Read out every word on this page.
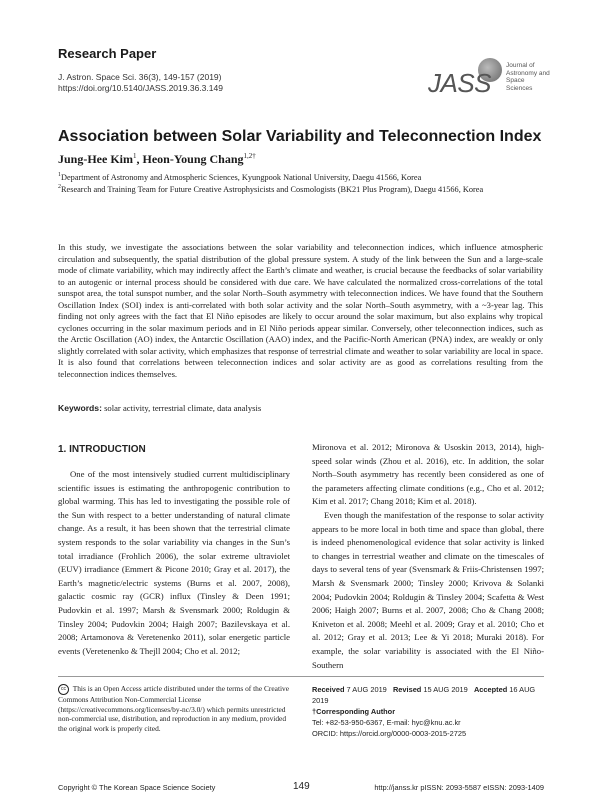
Research Paper
J. Astron. Space Sci. 36(3), 149-157 (2019)
https://doi.org/10.5140/JASS.2019.36.3.149	JASS
Journal of
Astronomy and
Space Sciences
Association between Solar Variability and Teleconnection Index
Jung-Hee Kim$^1$, Heon-Young Chang$^{1,2\dagger}$
$^1$Department of Astronomy and Atmospheric Sciences, Kyungpook National University, Daegu 41566, Korea
$^2$Research and Training Team for Future Creative Astrophysicists and Cosmologists (BK21 Plus Program), Daegu 41566, Korea
In this study, we investigate the associations between the solar variability and teleconnection indices, which influence atmospheric circulation and subsequently, the spatial distribution of the global pressure system. A study of the link between the Sun and a large-scale mode of climate variability, which may indirectly affect the Earth’s climate and weather, is crucial because the feedbacks of solar variability to an autogenic or internal process should be considered with due care. We have calculated the normalized cross-correlations of the total sunspot area, the total sunspot number, and the solar North–South asymmetry with teleconnection indices. We have found that the Southern Oscillation Index (SOI) index is anti-correlated with both solar activity and the solar North–South asymmetry, with a ~3-year lag. This finding not only agrees with the fact that El Niño episodes are likely to occur around the solar maximum, but also explains why tropical cyclones occurring in the solar maximum periods and in El Niño periods appear similar. Conversely, other teleconnection indices, such as the Arctic Oscillation (AO) index, the Antarctic Oscillation (AAO) index, and the Pacific-North American (PNA) index, are weakly or only slightly correlated with solar activity, which emphasizes that response of terrestrial climate and weather to solar variability are local in space. It is also found that correlations between teleconnection indices and solar activity are as good as correlations resulting from the teleconnection indices themselves.
Keywords: solar activity, terrestrial climate, data analysis
1. INTRODUCTION

One of the most intensively studied current multidisciplinary scientific issues is estimating the anthropogenic contribution to global warming. This has led to investigating the possible role of the Sun with respect to a better understanding of natural climate change. As a result, it has been shown that the terrestrial climate system responds to the solar variability via changes in the Sun’s total irradiance (Frohlich 2006), the solar extreme ultraviolet (EUV) irradiance (Emmert & Picone 2010; Gray et al. 2017), the Earth’s magnetic/electric systems (Burns et al. 2007, 2008), galactic cosmic ray (GCR) influx (Tinsley & Deen 1991; Pudovkin et al. 1997; Marsh & Svensmark 2000; Roldugin & Tinsley 2004; Pudovkin 2004; Haigh 2007; Bazilevskaya et al. 2008; Artamonova & Veretenenko 2011), solar energetic particle events (Veretenenko & Thejll 2004; Cho et al. 2012;

Mironova et al. 2012; Mironova & Usoskin 2013, 2014), high-speed solar winds (Zhou et al. 2016), etc. In addition, the solar North–South asymmetry has recently been considered as one of the parameters affecting climate conditions (e.g., Cho et al. 2012; Kim et al. 2017; Chang 2018; Kim et al. 2018).

Even though the manifestation of the response to solar activity appears to be more local in both time and space than global, there is indeed phenomenological evidence that solar activity is linked to changes in terrestrial weather and climate on the timescales of days to several tens of year (Svensmark & Friis-Christensen 1997; Marsh & Svensmark 2000; Tinsley 2000; Krivova & Solanki 2004; Pudovkin 2004; Roldugin & Tinsley 2004; Scafetta & West 2006; Haigh 2007; Burns et al. 2007, 2008; Cho & Chang 2008; Kniveton et al. 2008; Meehl et al. 2009; Gray et al. 2010; Cho et al. 2012; Gray et al. 2013; Lee & Yi 2018; Muraki 2018). For example, the solar variability is associated with the El Niño-Southern

cc This is an Open Access article distributed under the terms of the Creative Commons Attribution Non-Commercial License (https://creativecommons.org/licenses/by-nc/3.0/) which permits unrestricted non-commercial use, distribution, and reproduction in any medium, provided the original work is properly cited.
Received 7 AUG 2019 Revised 15 AUG 2019 Accepted 16 AUG 2019
†Corresponding Author
Tel: +82-53-950-6367, E-mail: hyc@knu.ac.kr
ORCID: https://orcid.org/0000-0003-2015-2725
Copyright © The Korean Space Science Society	149	http://janss.kr pISSN: 2093-5587 eISSN: 2093-1409
